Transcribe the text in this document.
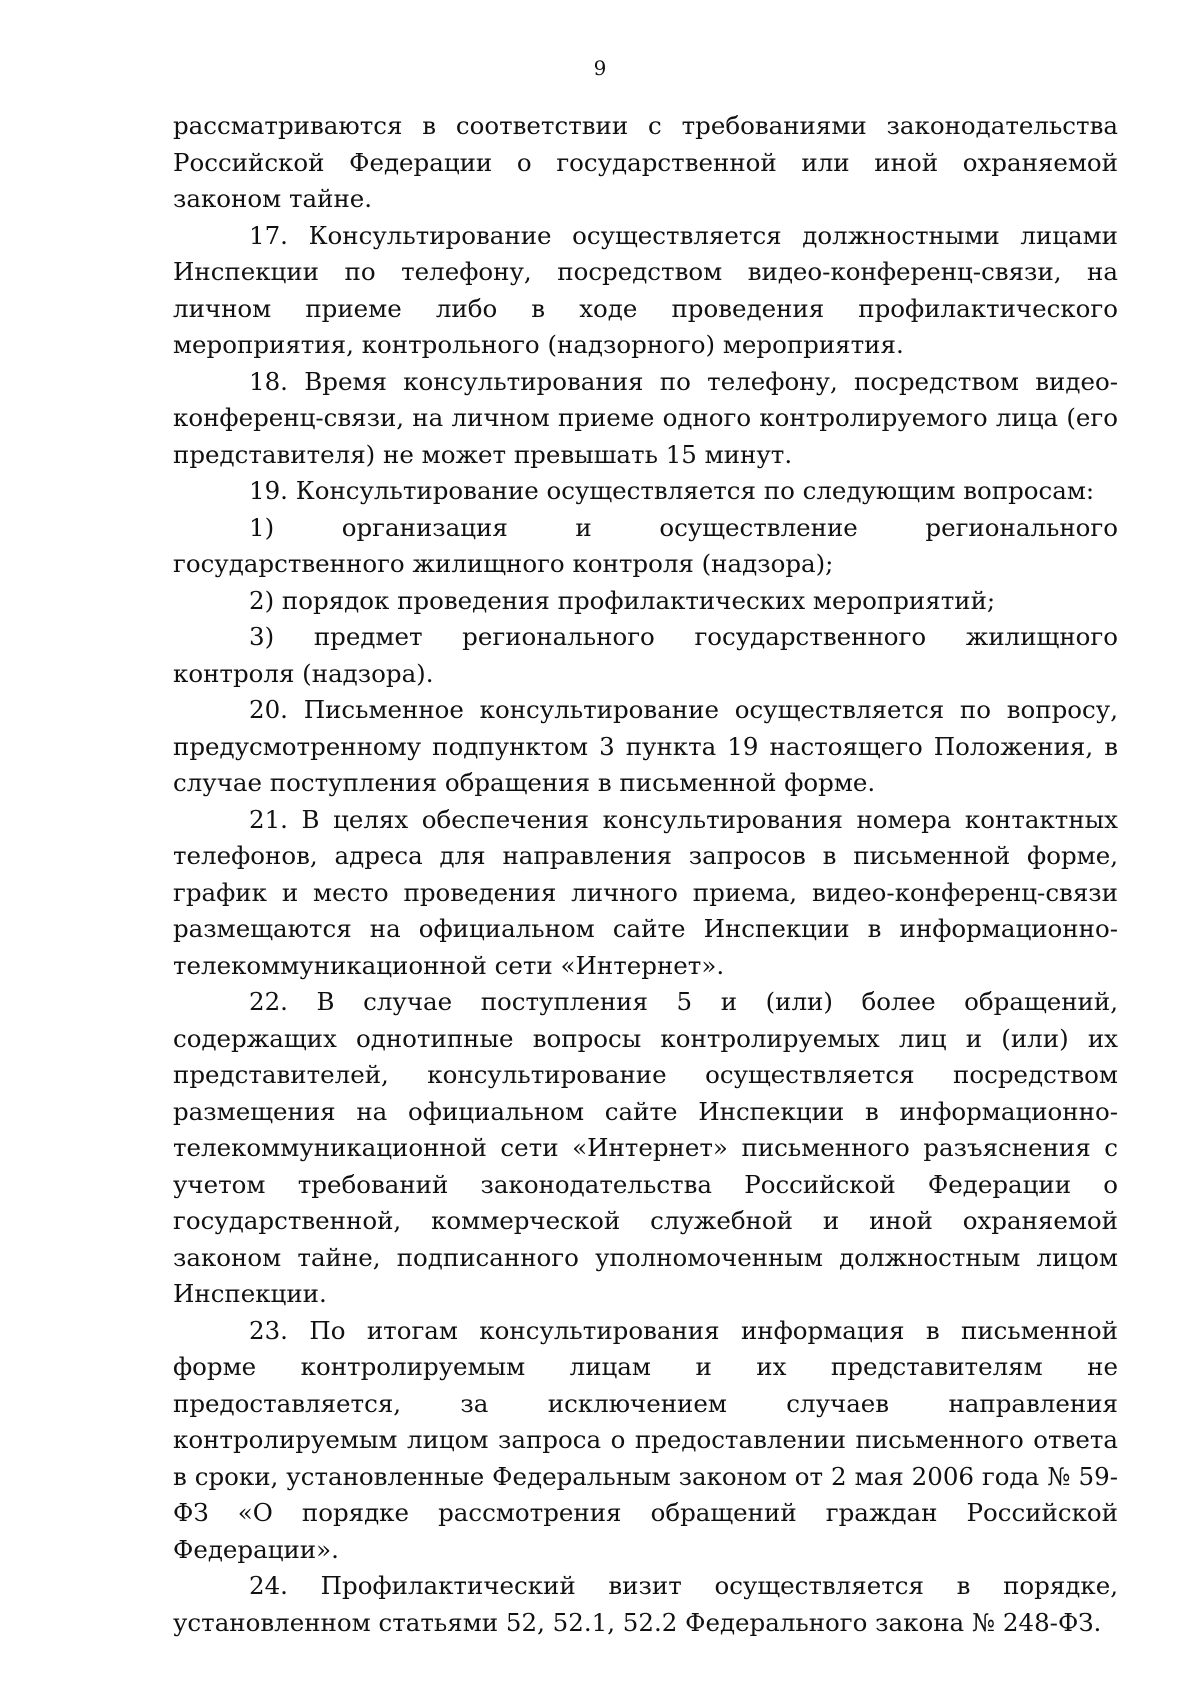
9

рассматриваются в соответствии с требованиями законодательства Российской Федерации о государственной или иной охраняемой законом тайне.

17. Консультирование осуществляется должностными лицами Инспекции по телефону, посредством видео-конференц-связи, на личном приеме либо в ходе проведения профилактического мероприятия, контрольного (надзорного) мероприятия.

18. Время консультирования по телефону, посредством видео-конференц-связи, на личном приеме одного контролируемого лица (его представителя) не может превышать 15 минут.

19. Консультирование осуществляется по следующим вопросам:

1) организация и осуществление регионального государственного жилищного контроля (надзора);

2) порядок проведения профилактических мероприятий;

3) предмет регионального государственного жилищного контроля (надзора).

20. Письменное консультирование осуществляется по вопросу, предусмотренному подпунктом 3 пункта 19 настоящего Положения, в случае поступления обращения в письменной форме.

21. В целях обеспечения консультирования номера контактных телефонов, адреса для направления запросов в письменной форме, график и место проведения личного приема, видео-конференц-связи размещаются на официальном сайте Инспекции в информационно-телекоммуникационной сети «Интернет».

22. В случае поступления 5 и (или) более обращений, содержащих однотипные вопросы контролируемых лиц и (или) их представителей, консультирование осуществляется посредством размещения на официальном сайте Инспекции в информационно-телекоммуникационной сети «Интернет» письменного разъяснения с учетом требований законодательства Российской Федерации о государственной, коммерческой служебной и иной охраняемой законом тайне, подписанного уполномоченным должностным лицом Инспекции.

23. По итогам консультирования информация в письменной форме контролируемым лицам и их представителям не предоставляется, за исключением случаев направления контролируемым лицом запроса о предоставлении письменного ответа в сроки, установленные Федеральным законом от 2 мая 2006 года № 59-ФЗ «О порядке рассмотрения обращений граждан Российской Федерации».

24. Профилактический визит осуществляется в порядке, установленном статьями 52, 52.1, 52.2 Федерального закона № 248-ФЗ.
